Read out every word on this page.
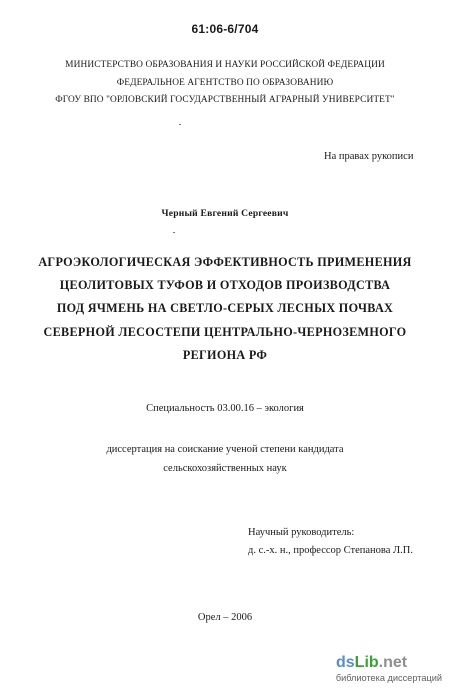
61:06-6/704
МИНИСТЕРСТВО ОБРАЗОВАНИЯ И НАУКИ РОССИЙСКОЙ ФЕДЕРАЦИИ
ФЕДЕРАЛЬНОЕ АГЕНТСТВО ПО ОБРАЗОВАНИЮ
ФГОУ ВПО "ОРЛОВСКИЙ ГОСУДАРСТВЕННЫЙ АГРАРНЫЙ УНИВЕРСИТЕТ"
На правах рукописи
Черный Евгений Сергеевич
АГРОЭКОЛОГИЧЕСКАЯ ЭФФЕКТИВНОСТЬ ПРИМЕНЕНИЯ
ЦЕОЛИТОВЫХ ТУФОВ И ОТХОДОВ ПРОИЗВОДСТВА
ПОД ЯЧМЕНЬ НА СВЕТЛО-СЕРЫХ ЛЕСНЫХ ПОЧВАХ
СЕВЕРНОЙ ЛЕСОСТЕПИ ЦЕНТРАЛЬНО-ЧЕРНОЗЕМНОГО
РЕГИОНА РФ
Специальность 03.00.16 – экология
диссертация на соискание ученой степени кандидата
сельскохозяйственных наук
Научный руководитель:
д. с.-х. н., профессор Степанова Л.П.
Орел – 2006
dsLib.net
библиотека диссертаций
